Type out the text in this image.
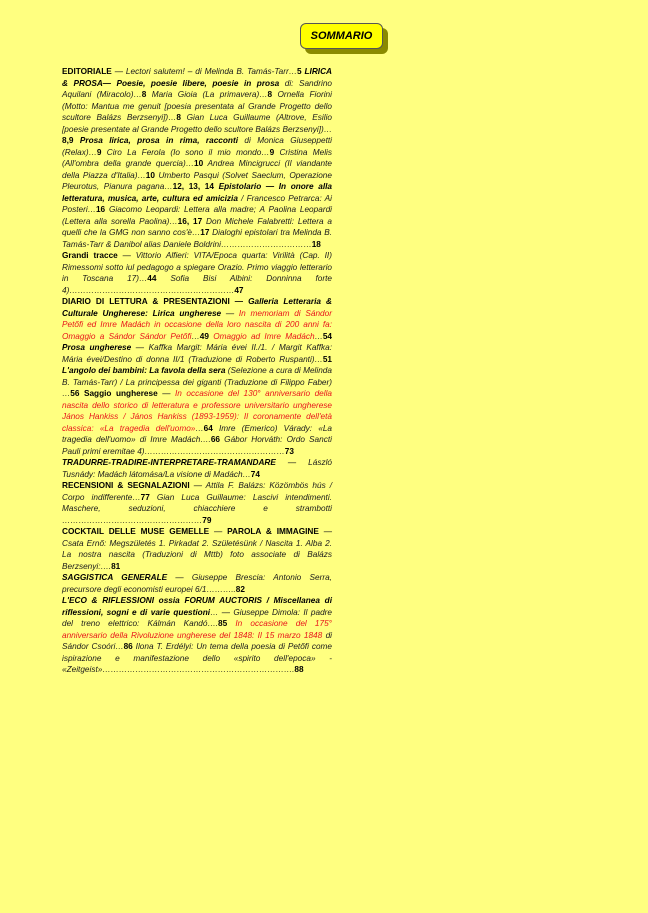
SOMMARIO

EDITORIALE — Lectori salutem! – di Melinda B. Tamás-Tarr…5 LIRICA & PROSA— Poesie, poesie libere, poesie in prosa di: Sandrino Aquilani (Miracolo)…8 Maria Gioia (La primavera)…8 Ornella Fiorini (Motto: Mantua me genuit [poesia presentata al Grande Progetto dello scultore Balázs Berzsenyi])…8 Gian Luca Guillaume (Altrove, Esilio [poesie presentate al Grande Progetto dello scultore Balázs Berzsenyi])…8,9 Prosa lirica, prosa in rima, racconti di Monica Giuseppetti (Relax)…9 Ciro La Ferola (Io sono il mio mondo…9 Cristina Melis (All'ombra della grande quercia)…10 Andrea Mincigrucci (Il viandante della Piazza d'Italia)…10 Umberto Pasqui (Solvet Saeclum, Operazione Pleurotus, Pianura pagana…12, 13, 14 Epistolario — In onore alla letteratura, musica, arte, cultura ed amicizia / Francesco Petrarca: Ai Posteri…16 Giacomo Leopardi: Lettera alla madre; A Paolina Leopardi (Lettera alla sorella Paolina)…16, 17 Don Michele Falabretti: Lettera a quelli che la GMG non sanno cos'è…17 Dialoghi epistolari tra Melinda B. Tamás-Tarr & Danibol alias Daniele Boldrini……………………………18

Grandi tracce — Vittorio Alfieri: VITA/Epoca quarta: Virilità (Cap. II) Rimessomi sotto iul pedagogo a spiegare Orazio. Primo viaggio letterario in Toscana 17)…44 Sofia Bisi Albini: Donninna forte 4)……………………………………………………47

DIARIO DI LETTURA & PRESENTAZIONI — Galleria Letteraria & Culturale Ungherese: Lirica ungherese — In memoriam di Sándor Petőfi ed Imre Madách in occasione della loro nascita di 200 anni fa: Omaggio a Sándor Sándor Petőfi…49 Omaggio ad Imre Madách…54 Prosa ungherese — Kaffka Margit: Mária évei II./1. / Margit Kaffka: Mária évei/Destino di donna II/1 (Traduzione di Roberto Ruspanti)…51 L'angolo dei bambini: La favola della sera (Selezione a cura di Melinda B. Tamás-Tarr) / La principessa dei giganti (Traduzione di Filippo Faber) …56 Saggio ungherese — In occasione del 130° anniversario della nascita dello storico di letteratura e professore universitario ungherese János Hankiss / János Hankiss (1893-1959): Il coronamente dell'età classica: «La tragedia dell'uomo»…64 Imre (Emerico) Várady: «La tragedia dell'uomo» di Imre Madách….66 Gábor Horváth: Ordo Sancti Pauli primi eremitae 4)……………………………………………73

TRADURRE-TRADIRE-INTERPRETARE-TRAMANDARE — László Tusnády: Madách látomása/La visione di Madách…74

RECENSIONI & SEGNALAZIONI — Attila F. Balázs: Közömbös hús / Corpo indifferente…77 Gian Luca Guillaume: Lascivi intendimenti. Maschere, seduzioni, chiacchiere e strambotti ……………………………………………79

COCKTAIL DELLE MUSE GEMELLE — PAROLA & IMMAGINE — Csata Ernő: Megszületés 1. Pirkadat 2. Születésünk / Nascita 1. Alba 2. La nostra nascita (Traduzioni di Mttb) foto associate di Balázs Berzsenyi:….81

SAGGISTICA GENERALE — Giuseppe Brescia: Antonio Serra, precursore degli economisti europei 6/1………..82

L'ECO & RIFLESSIONI ossia FORUM AUCTORIS / Miscellanea di riflessioni, sogni e di varie questioni… — Giuseppe Dimola: Il padre del treno elettrico: Kálmán Kandó….85 In occasione del 175° anniversario della Rivoluzione ungherese del 1848: Il 15 marzo 1848 di Sándor Csoóri…86 Ilona T. Erdélyi: Un tema della poesia di Petőfi come ispirazione e manifestazione dello «spirito dell'epoca» - «Zeitgeist»…………………………………………………………….88
